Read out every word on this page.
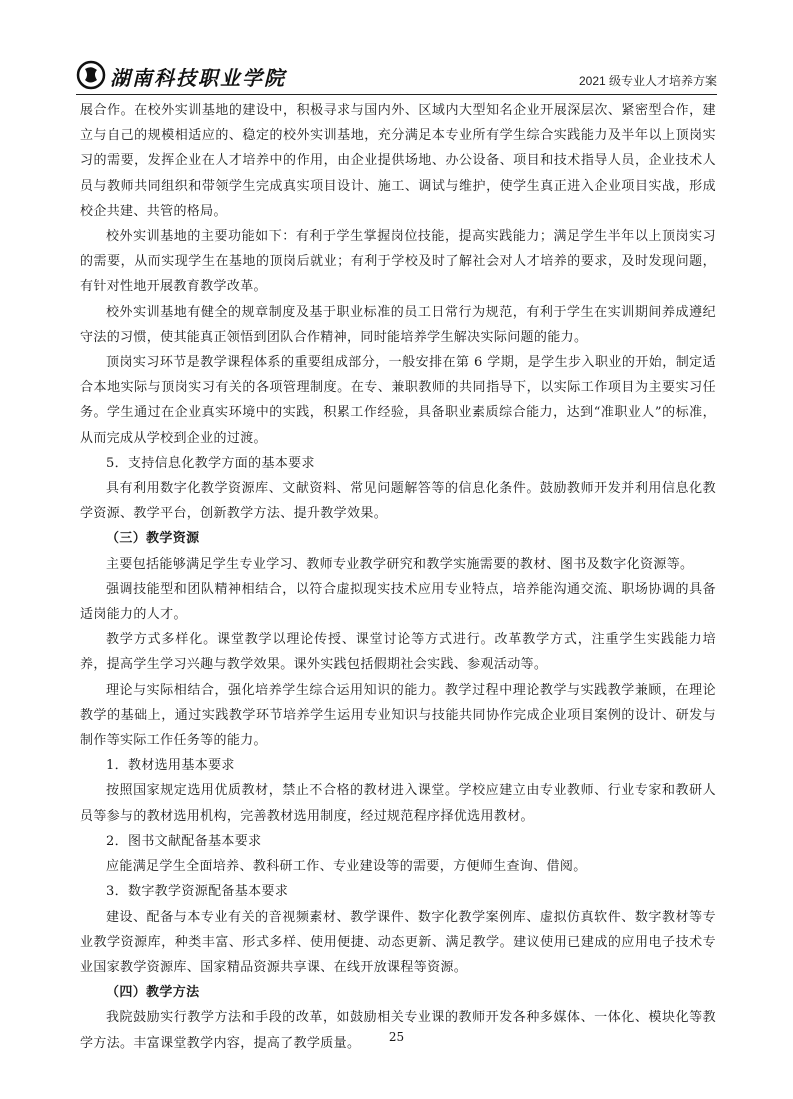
湖南科技职业学院	2021 级专业人才培养方案

展合作。在校外实训基地的建设中，积极寻求与国内外、区域内大型知名企业开展深层次、紧密型合作，建立与自己的规模相适应的、稳定的校外实训基地，充分满足本专业所有学生综合实践能力及半年以上顶岗实习的需要，发挥企业在人才培养中的作用，由企业提供场地、办公设备、项目和技术指导人员，企业技术人员与教师共同组织和带领学生完成真实项目设计、施工、调试与维护，使学生真正进入企业项目实战，形成校企共建、共管的格局。

校外实训基地的主要功能如下：有利于学生掌握岗位技能，提高实践能力；满足学生半年以上顶岗实习的需要，从而实现学生在基地的顶岗后就业；有利于学校及时了解社会对人才培养的要求，及时发现问题，有针对性地开展教育教学改革。

校外实训基地有健全的规章制度及基于职业标准的员工日常行为规范，有利于学生在实训期间养成遵纪守法的习惯，使其能真正领悟到团队合作精神，同时能培养学生解决实际问题的能力。

顶岗实习环节是教学课程体系的重要组成部分，一般安排在第 6 学期，是学生步入职业的开始，制定适合本地实际与顶岗实习有关的各项管理制度。在专、兼职教师的共同指导下，以实际工作项目为主要实习任务。学生通过在企业真实环境中的实践，积累工作经验，具备职业素质综合能力，达到“准职业人”的标准，从而完成从学校到企业的过渡。

5．支持信息化教学方面的基本要求

具有利用数字化教学资源库、文献资料、常见问题解答等的信息化条件。鼓励教师开发并利用信息化教学资源、教学平台，创新教学方法、提升教学效果。

（三）教学资源

主要包括能够满足学生专业学习、教师专业教学研究和教学实施需要的教材、图书及数字化资源等。

强调技能型和团队精神相结合，以符合虚拟现实技术应用专业特点，培养能沟通交流、职场协调的具备适岗能力的人才。

教学方式多样化。课堂教学以理论传授、课堂讨论等方式进行。改革教学方式，注重学生实践能力培养，提高学生学习兴趣与教学效果。课外实践包括假期社会实践、参观活动等。

理论与实际相结合，强化培养学生综合运用知识的能力。教学过程中理论教学与实践教学兼顾，在理论教学的基础上，通过实践教学环节培养学生运用专业知识与技能共同协作完成企业项目案例的设计、研发与制作等实际工作任务等的能力。

1．教材选用基本要求

按照国家规定选用优质教材，禁止不合格的教材进入课堂。学校应建立由专业教师、行业专家和教研人员等参与的教材选用机构，完善教材选用制度，经过规范程序择优选用教材。

2．图书文献配备基本要求

应能满足学生全面培养、教科研工作、专业建设等的需要，方便师生查询、借阅。

3．数字教学资源配备基本要求

建设、配备与本专业有关的音视频素材、教学课件、数字化教学案例库、虚拟仿真软件、数字教材等专业教学资源库，种类丰富、形式多样、使用便捷、动态更新、满足教学。建议使用已建成的应用电子技术专业国家教学资源库、国家精品资源共享课、在线开放课程等资源。

（四）教学方法

我院鼓励实行教学方法和手段的改革，如鼓励相关专业课的教师开发各种多媒体、一体化、模块化等教学方法。丰富课堂教学内容，提高了教学质量。	25
